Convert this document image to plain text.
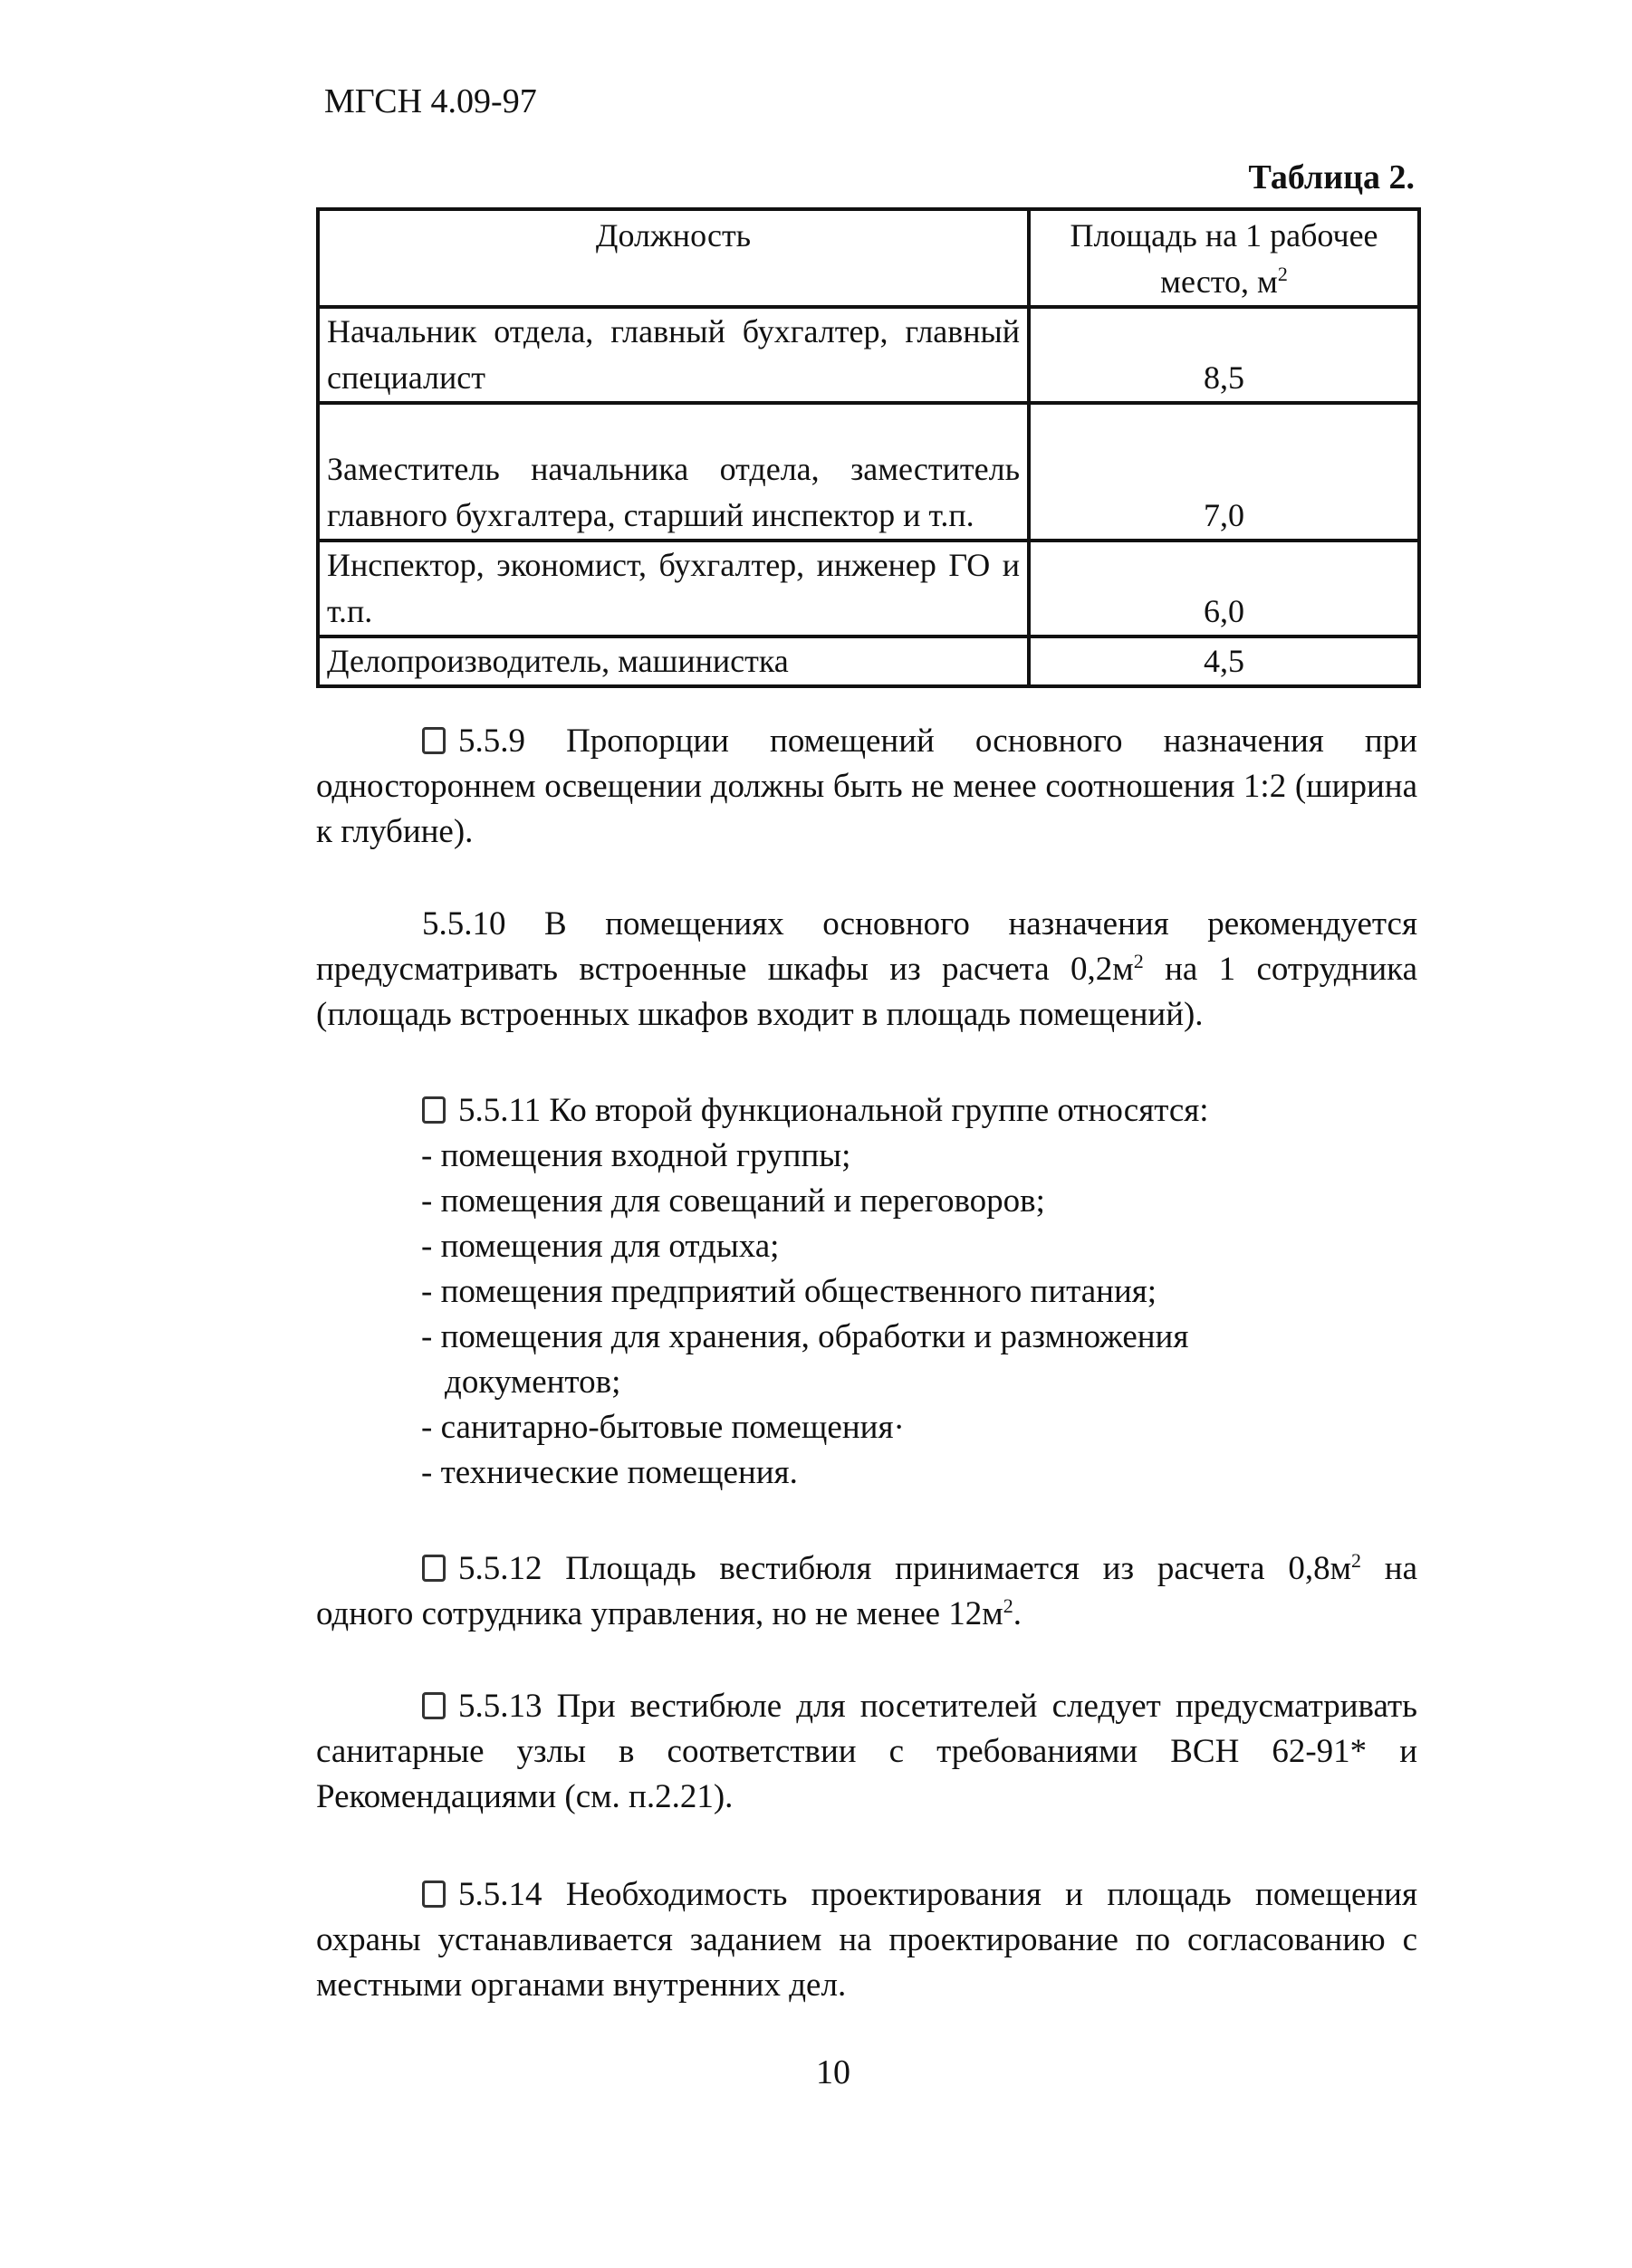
МГСН 4.09-97
Таблица 2.
Должность	Площадь на 1 рабочее место, $м^2$
Начальник отдела, главный бухгалтер, главный специалист	8,5
Заместитель начальника отдела, заместитель главного бухгалтера, старший инспектор и т.п.	7,0
Инспектор, экономист, бухгалтер, инженер ГО и т.п.	6,0
Делопроизводитель, машинистка	4,5

5.5.9 Пропорции помещений основного назначения при одностороннем освещении должны быть не менее соотношения 1:2 (ширина к глубине).

5.5.10 В помещениях основного назначения рекомендуется предусматривать встроенные шкафы из расчета $0,2м^2$ на 1 сотрудника (площадь встроенных шкафов входит в площадь помещений).

5.5.11 Ко второй функциональной группе относятся:

- помещения входной группы;
- помещения для совещаний и переговоров;
- помещения для отдыха;
- помещения предприятий общественного питания;
- помещения для хранения, обработки и размножения
документов;
- санитарно-бытовые помещения·
- технические помещения.

5.5.12 Площадь вестибюля принимается из расчета $0,8м^2$ на одного сотрудника управления, но не менее $12м^2$.

5.5.13 При вестибюле для посетителей следует предусматривать санитарные узлы в соответствии с требованиями ВСН 62-91* и Рекомендациями (см. п.2.21).

5.5.14 Необходимость проектирования и площадь помещения охраны устанавливается заданием на проектирование по согласованию с местными органами внутренних дел.

10
